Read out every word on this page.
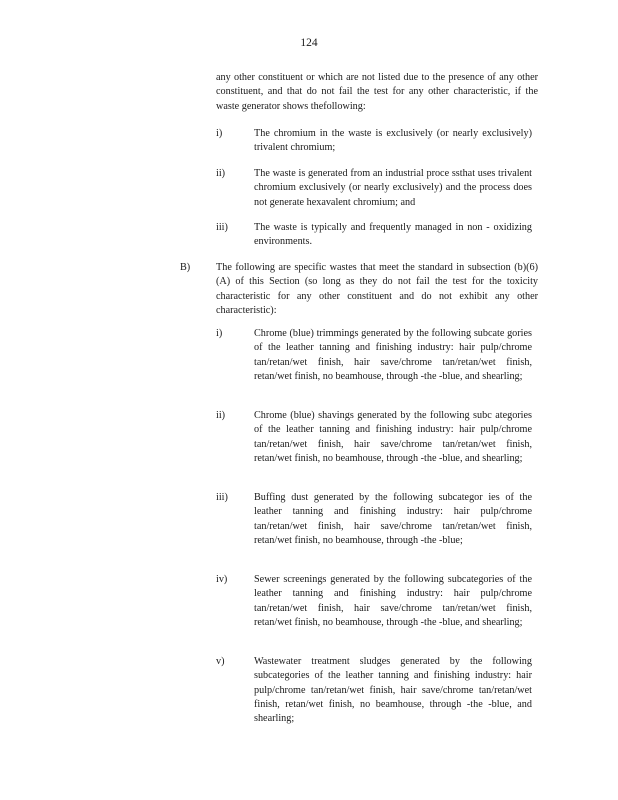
124

any other constituent or which are not listed due to the presence of any other constituent, and that do not fail the test for any other characteristic, if the waste generator shows thefollowing:

i)	The chromium in the waste is exclusively (or nearly exclusively) trivalent chromium;

ii)	The waste is generated from an industrial proce ssthat uses trivalent chromium exclusively (or nearly exclusively) and the process does not generate hexavalent chromium; and

iii)	The waste is typically and frequently managed in non - oxidizing environments.

B)	The following are specific wastes that meet the standard in subsection (b)(6)(A) of this Section (so long as they do not fail the test for the toxicity characteristic for any other constituent and do not exhibit any other characteristic):

i)	Chrome (blue) trimmings generated by the following subcate gories of the leather tanning and finishing industry: hair pulp/chrome tan/retan/wet finish, hair save/chrome tan/retan/wet finish, retan/wet finish, no beamhouse, through -the -blue, and shearling;

ii)	Chrome (blue) shavings generated by the following subc ategories of the leather tanning and finishing industry: hair pulp/chrome tan/retan/wet finish, hair save/chrome tan/retan/wet finish, retan/wet finish, no beamhouse, through -the -blue, and shearling;

iii)	Buffing dust generated by the following subcategor ies of the leather tanning and finishing industry: hair pulp/chrome tan/retan/wet finish, hair save/chrome tan/retan/wet finish, retan/wet finish, no beamhouse, through -the -blue;

iv)	Sewer screenings generated by the following subcategories of the leather tanning and finishing industry: hair pulp/chrome tan/retan/wet finish, hair save/chrome tan/retan/wet finish, retan/wet finish, no beamhouse, through -the -blue, and shearling;

v)	Wastewater treatment sludges generated by the following subcategories of the leather tanning and finishing industry: hair pulp/chrome tan/retan/wet finish, hair save/chrome tan/retan/wet finish, retan/wet finish, no beamhouse, through -the -blue, and shearling;
